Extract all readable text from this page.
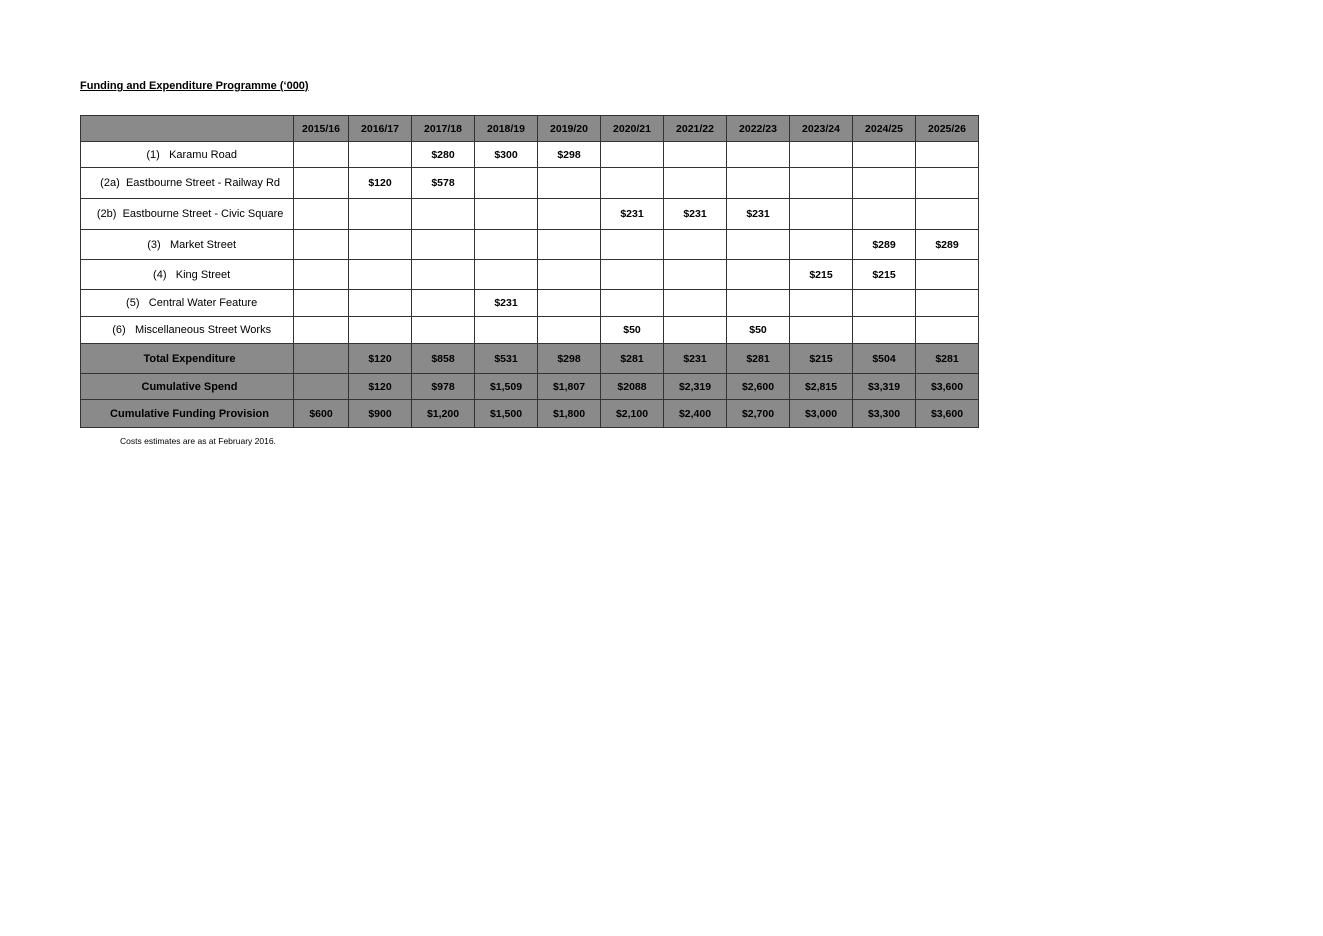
Funding and Expenditure Programme (‘000)

	2015/16	2016/17	2017/18	2018/19	2019/20	2020/21	2021/22	2022/23	2023/24	2024/25	2025/26
(1) Karamu Road			$280	$300	$298						
(2a) Eastbourne Street - Railway Rd		$120	$578								
(2b) Eastbourne Street - Civic Square						$231	$231	$231			
(3) Market Street										$289	$289
(4) King Street									$215	$215	
(5) Central Water Feature				$231							
(6) Miscellaneous Street Works						$50		$50			
Total Expenditure		$120	$858	$531	$298	$281	$231	$281	$215	$504	$281
Cumulative Spend		$120	$978	$1,509	$1,807	$2088	$2,319	$2,600	$2,815	$3,319	$3,600
Cumulative Funding Provision	$600	$900	$1,200	$1,500	$1,800	$2,100	$2,400	$2,700	$3,000	$3,300	$3,600

Costs estimates are as at February 2016.
